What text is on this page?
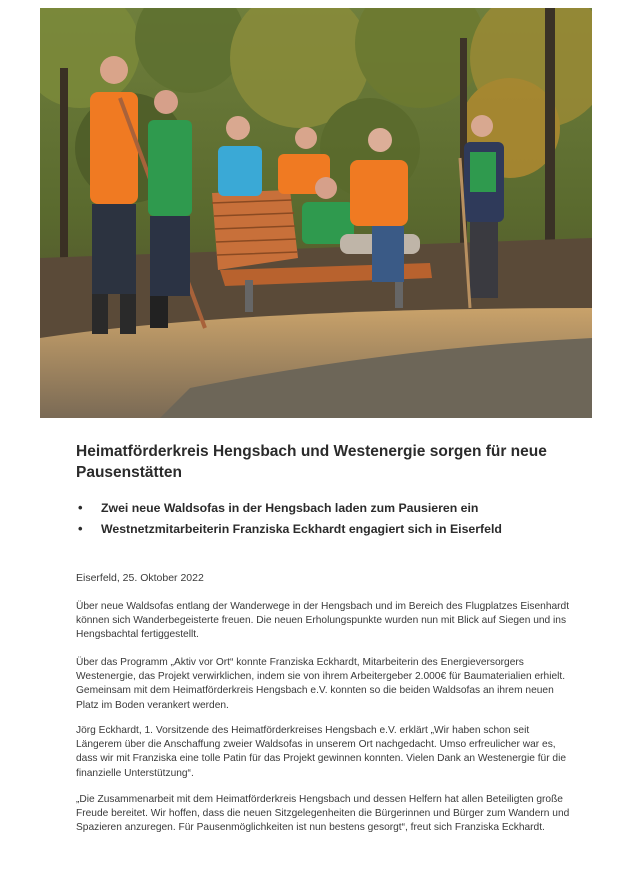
Heimatförderkreis Hengsbach und Westenergie sorgen für neue Pausenstätten
• Zwei neue Waldsofas in der Hengsbach laden zum Pausieren ein
• Westnetzmitarbeiterin Franziska Eckhardt engagiert sich in Eiserfeld
Eiserfeld, 25. Oktober 2022

Über neue Waldsofas entlang der Wanderwege in der Hengsbach und im Bereich des Flugplatzes Eisenhardt können sich Wanderbegeisterte freuen. Die neuen Erholungspunkte wurden nun mit Blick auf Siegen und ins Hengsbachtal fertiggestellt.

Über das Programm „Aktiv vor Ort“ konnte Franziska Eckhardt, Mitarbeiterin des Energieversorgers Westenergie, das Projekt verwirklichen, indem sie von ihrem Arbeitergeber 2.000€ für Baumaterialien erhielt. Gemeinsam mit dem Heimatförderkreis Hengsbach e.V. konnten so die beiden Waldsofas an ihrem neuen Platz im Boden verankert werden.

Jörg Eckhardt, 1. Vorsitzende des Heimatförderkreises Hengsbach e.V. erklärt „Wir haben schon seit Längerem über die Anschaffung zweier Waldsofas in unserem Ort nachgedacht. Umso erfreulicher war es, dass wir mit Franziska eine tolle Patin für das Projekt gewinnen konnten. Vielen Dank an Westenergie für die finanzielle Unterstützung“.

„Die Zusammenarbeit mit dem Heimatförderkreis Hengsbach und dessen Helfern hat allen Beteiligten große Freude bereitet. Wir hoffen, dass die neuen Sitzgelegenheiten die Bürgerinnen und Bürger zum Wandern und Spazieren anzuregen. Für Pausenmöglichkeiten ist nun bestens gesorgt“, freut sich Franziska Eckhardt.
